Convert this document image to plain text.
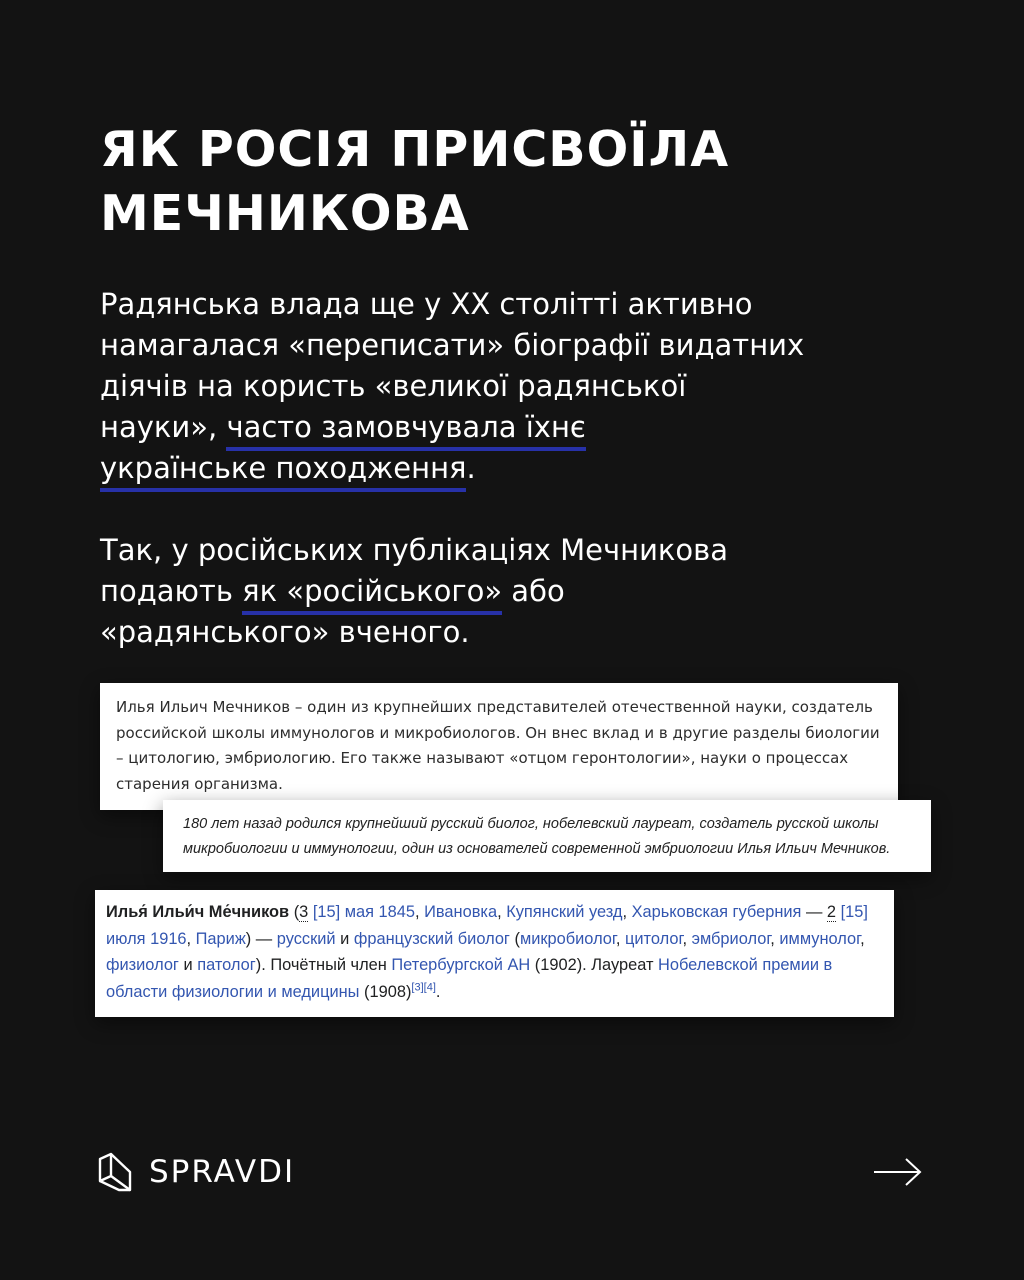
ЯК РОСІЯ ПРИСВОЇЛА
МЕЧНИКОВА

Радянська влада ще у XX столітті активно
намагалася «переписати» біографії видатних
діячів на користь «великої радянської
науки», часто замовчувала їхнє
українське походження.

Так, у російських публікаціях Мечникова
подають як «російського» або
«радянського» вченого.

Илья Ильич Мечников – один из крупнейших представителей отечественной науки, создатель российской школы иммунологов и микробиологов. Он внес вклад и в другие разделы биологии – цитологию, эмбриологию. Его также называют «отцом геронтологии», науки о процессах старения организма.
180 лет назад родился крупнейший русский биолог, нобелевский лауреат, создатель русской школы микробиологии и иммунологии, один из основателей современной эмбриологии Илья Ильич Мечников.
Илья́ Ильи́ч Ме́чников (3 [15] мая 1845, Ивановка, Купянский уезд, Харьковская губерния — 2 [15] июля 1916, Париж) — русский и французский биолог (микробиолог, цитолог, эмбриолог, иммунолог, физиолог и патолог). Почётный член Петербургской АН (1902). Лауреат Нобелевской премии в области физиологии и медицины (1908)[3][4].
SPRAVDI
